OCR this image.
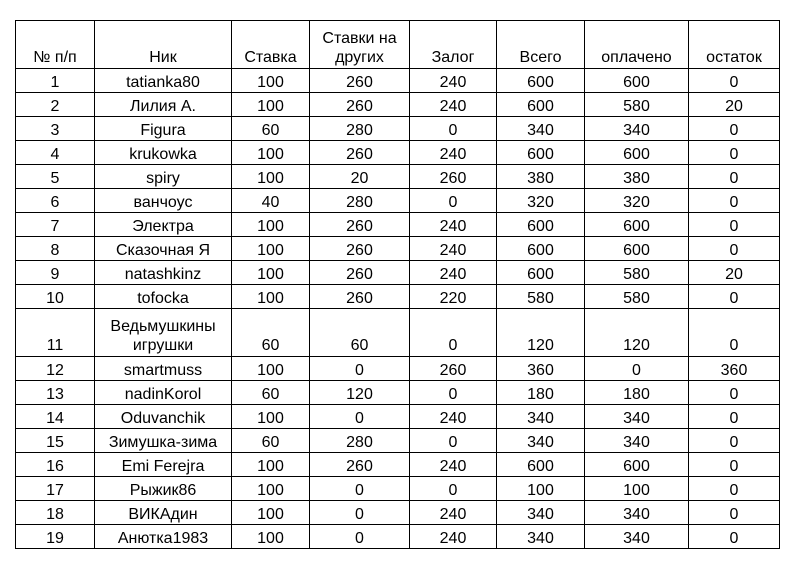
№ п/п	Ник	Ставка	Ставки на других	Залог	Всего	оплачено	остаток
1	tatianka80	100	260	240	600	600	0
2	Лилия А.	100	260	240	600	580	20
3	Figura	60	280	0	340	340	0
4	krukowka	100	260	240	600	600	0
5	spiry	100	20	260	380	380	0
6	ванчоус	40	280	0	320	320	0
7	Электра	100	260	240	600	600	0
8	Сказочная Я	100	260	240	600	600	0
9	natashkinz	100	260	240	600	580	20
10	tofocka	100	260	220	580	580	0
11	Ведьмушкины игрушки	60	60	0	120	120	0
12	smartmuss	100	0	260	360	0	360
13	nadinKorol	60	120	0	180	180	0
14	Oduvanchik	100	0	240	340	340	0
15	Зимушка-зима	60	280	0	340	340	0
16	Emi Ferejra	100	260	240	600	600	0
17	Рыжик86	100	0	0	100	100	0
18	ВИКАдин	100	0	240	340	340	0
19	Анютка1983	100	0	240	340	340	0
